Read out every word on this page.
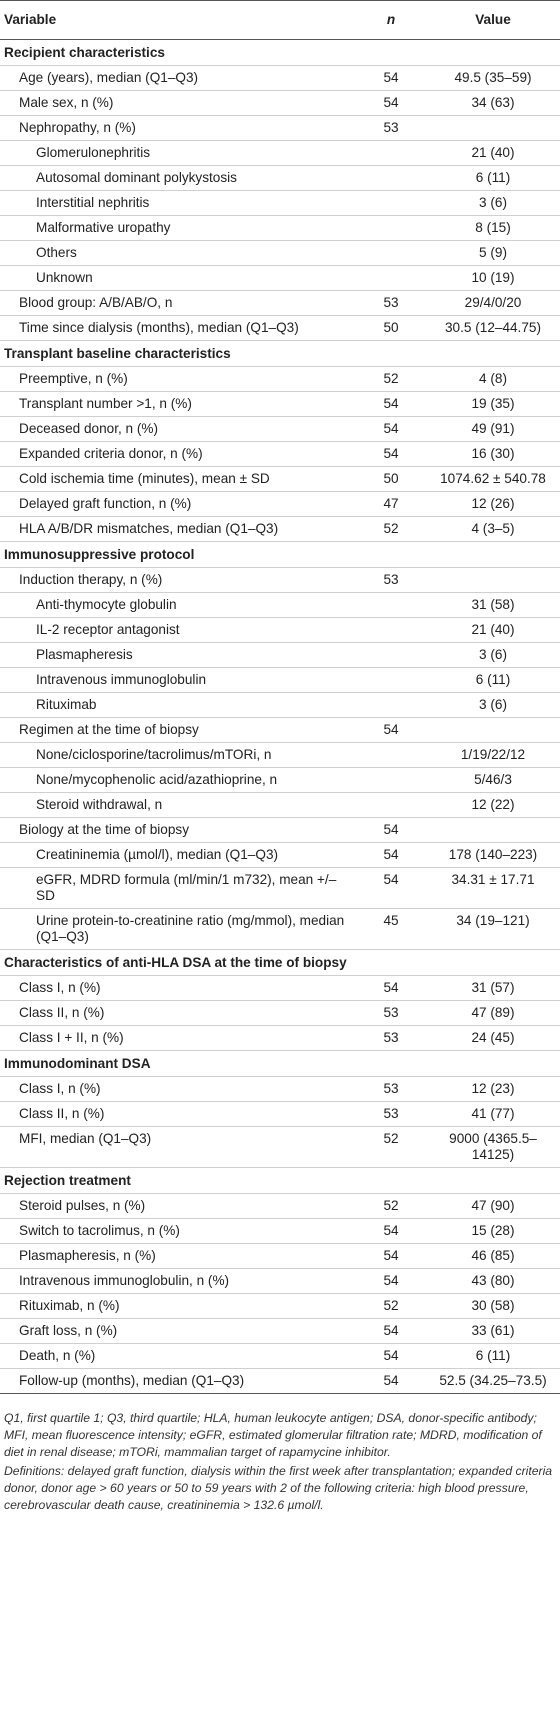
Variable	n	Value
Recipient characteristics		
Age (years), median (Q1–Q3)	54	49.5 (35–59)
Male sex, n (%)	54	34 (63)
Nephropathy, n (%)	53	
Glomerulonephritis		21 (40)
Autosomal dominant polykystosis		6 (11)
Interstitial nephritis		3 (6)
Malformative uropathy		8 (15)
Others		5 (9)
Unknown		10 (19)
Blood group: A/B/AB/O, n	53	29/4/0/20
Time since dialysis (months), median (Q1–Q3)	50	30.5 (12–44.75)
Transplant baseline characteristics		
Preemptive, n (%)	52	4 (8)
Transplant number >1, n (%)	54	19 (35)
Deceased donor, n (%)	54	49 (91)
Expanded criteria donor, n (%)	54	16 (30)
Cold ischemia time (minutes), mean ± SD	50	1074.62 ± 540.78
Delayed graft function, n (%)	47	12 (26)
HLA A/B/DR mismatches, median (Q1–Q3)	52	4 (3–5)
Immunosuppressive protocol		
Induction therapy, n (%)	53	
Anti-thymocyte globulin		31 (58)
IL-2 receptor antagonist		21 (40)
Plasmapheresis		3 (6)
Intravenous immunoglobulin		6 (11)
Rituximab		3 (6)
Regimen at the time of biopsy	54	
None/ciclosporine/tacrolimus/mTORi, n		1/19/22/12
None/mycophenolic acid/azathioprine, n		5/46/3
Steroid withdrawal, n		12 (22)
Biology at the time of biopsy	54	
Creatininemia (µmol/l), median (Q1–Q3)	54	178 (140–223)
eGFR, MDRD formula (ml/min/1 m732), mean +/– SD	54	34.31 ± 17.71
Urine protein-to-creatinine ratio (mg/mmol), median (Q1–Q3)	45	34 (19–121)
Characteristics of anti-HLA DSA at the time of biopsy		
Class I, n (%)	54	31 (57)
Class II, n (%)	53	47 (89)
Class I + II, n (%)	53	24 (45)
Immunodominant DSA		
Class I, n (%)	53	12 (23)
Class II, n (%)	53	41 (77)
MFI, median (Q1–Q3)	52	9000 (4365.5–14125)
Rejection treatment		
Steroid pulses, n (%)	52	47 (90)
Switch to tacrolimus, n (%)	54	15 (28)
Plasmapheresis, n (%)	54	46 (85)
Intravenous immunoglobulin, n (%)	54	43 (80)
Rituximab, n (%)	52	30 (58)
Graft loss, n (%)	54	33 (61)
Death, n (%)	54	6 (11)
Follow-up (months), median (Q1–Q3)	54	52.5 (34.25–73.5)

Q1, first quartile 1; Q3, third quartile; HLA, human leukocyte antigen; DSA, donor-specific antibody; MFI, mean fluorescence intensity; eGFR, estimated glomerular filtration rate; MDRD, modification of diet in renal disease; mTORi, mammalian target of rapamycine inhibitor.

Definitions: delayed graft function, dialysis within the first week after transplantation; expanded criteria donor, donor age > 60 years or 50 to 59 years with 2 of the following criteria: high blood pressure, cerebrovascular death cause, creatininemia > 132.6 µmol/l.
